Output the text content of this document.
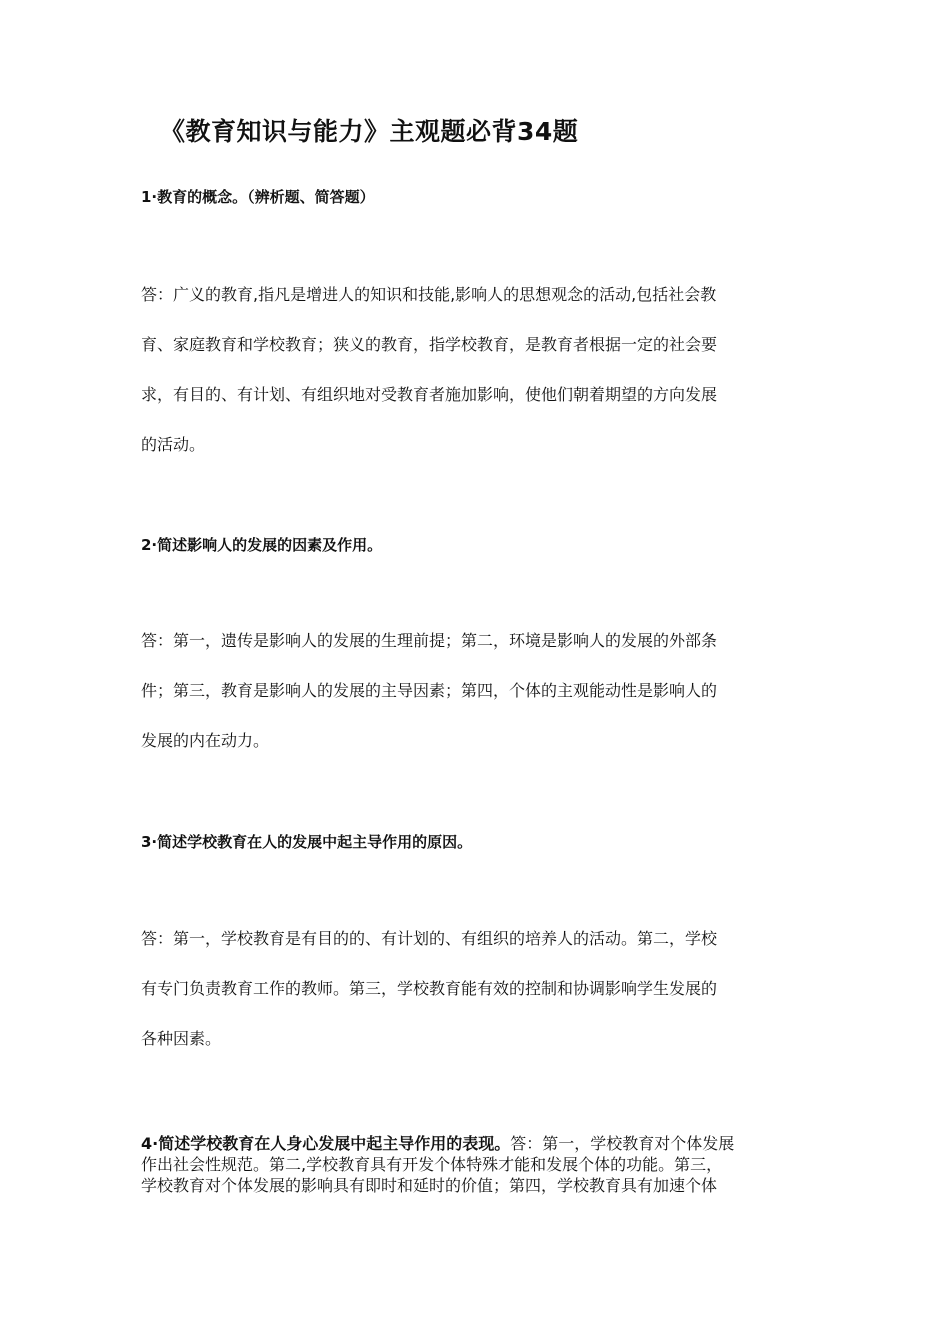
《教育知识与能力》主观题必背34题
1·教育的概念。（辨析题、简答题）
答：广义的教育,指凡是增进人的知识和技能,影响人的思想观念的活动,包括社会教
育、家庭教育和学校教育；狭义的教育，指学校教育，是教育者根据一定的社会要
求，有目的、有计划、有组织地对受教育者施加影响，使他们朝着期望的方向发展
的活动。
2·简述影响人的发展的因素及作用。
答：第一，遗传是影响人的发展的生理前提；第二，环境是影响人的发展的外部条
件；第三，教育是影响人的发展的主导因素；第四，个体的主观能动性是影响人的
发展的内在动力。
3·简述学校教育在人的发展中起主导作用的原因。
答：第一，学校教育是有目的的、有计划的、有组织的培养人的活动。第二，学校
有专门负责教育工作的教师。第三，学校教育能有效的控制和协调影响学生发展的
各种因素。
4·简述学校教育在人身心发展中起主导作用的表现。答：第一，学校教育对个体发展
作出社会性规范。第二,学校教育具有开发个体特殊才能和发展个体的功能。第三，
学校教育对个体发展的影响具有即时和延时的价值；第四，学校教育具有加速个体
